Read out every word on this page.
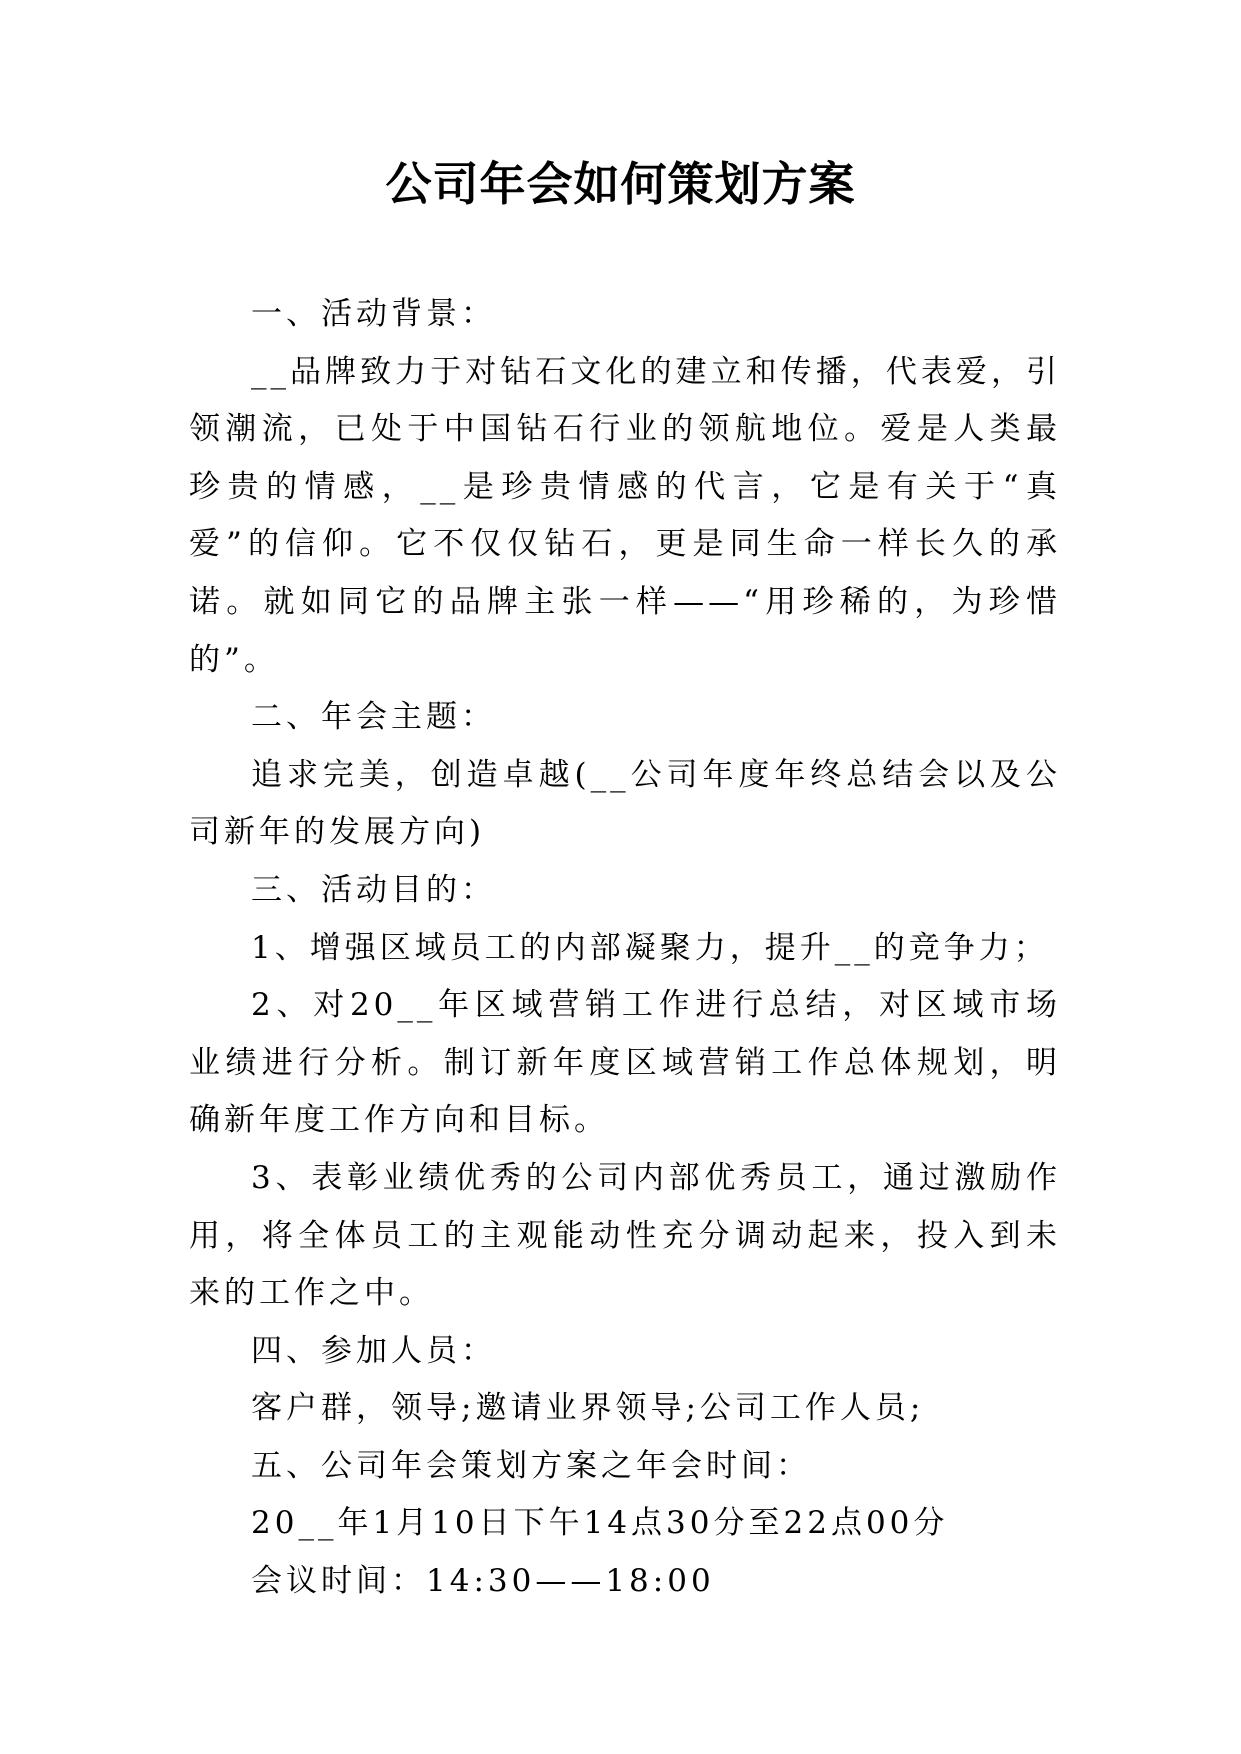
公司年会如何策划方案

一、活动背景：

__品牌致力于对钻石文化的建立和传播，代表爱，引领潮流，已处于中国钻石行业的领航地位。爱是人类最珍贵的情感，__是珍贵情感的代言，它是有关于“真爱”的信仰。它不仅仅钻石，更是同生命一样长久的承诺。就如同它的品牌主张一样——“用珍稀的，为珍惜的”。

二、年会主题：

追求完美，创造卓越(__公司年度年终总结会以及公司新年的发展方向)

三、活动目的：

1、增强区域员工的内部凝聚力，提升__的竞争力；

2、对20__年区域营销工作进行总结，对区域市场业绩进行分析。制订新年度区域营销工作总体规划，明确新年度工作方向和目标。

3、表彰业绩优秀的公司内部优秀员工，通过激励作用，将全体员工的主观能动性充分调动起来，投入到未来的工作之中。

四、参加人员：

客户群，领导;邀请业界领导;公司工作人员;

五、公司年会策划方案之年会时间：

20__年1月10日下午14点30分至22点00分

会议时间：14:30——18:00
